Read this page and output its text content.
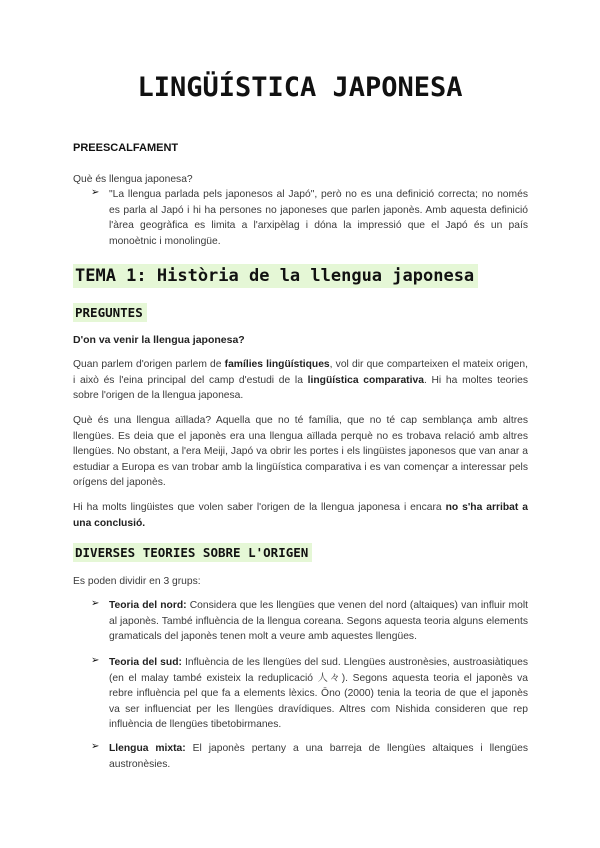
LINGÜÍSTICA JAPONESA
PREESCALFAMENT
Què és llengua japonesa?
➢ "La llengua parlada pels japonesos al Japó", però no es una definició correcta; no només es parla al Japó i hi ha persones no japoneses que parlen japonès. Amb aquesta definició l'àrea geogràfica es limita a l'arxipèlag i dóna la impressió que el Japó és un país monoètnic i monolingüe.
TEMA 1: Història de la llengua japonesa
PREGUNTES
D'on va venir la llengua japonesa?
Quan parlem d'origen parlem de famílies lingüístiques, vol dir que comparteixen el mateix origen, i això és l'eina principal del camp d'estudi de la lingüística comparativa. Hi ha moltes teories sobre l'origen de la llengua japonesa.
Què és una llengua aïllada? Aquella que no té família, que no té cap semblança amb altres llengües. Es deia que el japonès era una llengua aïllada perquè no es trobava relació amb altres llengües. No obstant, a l'era Meiji, Japó va obrir les portes i els lingüistes japonesos que van anar a estudiar a Europa es van trobar amb la lingüística comparativa i es van començar a interessar pels orígens del japonès.
Hi ha molts lingüistes que volen saber l'origen de la llengua japonesa i encara no s'ha arribat a una conclusió.
DIVERSES TEORIES SOBRE L'ORIGEN
Es poden dividir en 3 grups:
➢ Teoria del nord: Considera que les llengües que venen del nord (altaiques) van influir molt al japonès. També influència de la llengua coreana. Segons aquesta teoria alguns elements gramaticals del japonès tenen molt a veure amb aquestes llengües.
➢ Teoria del sud: Influència de les llengües del sud. Llengües austronèsies, austroasiàtiques (en el malay també existeix la reduplicació 人々). Segons aquesta teoria el japonès va rebre influència pel que fa a elements lèxics. Ōno (2000) tenia la teoria de que el japonès va ser influenciat per les llengües dravídiques. Altres com Nishida consideren que rep influència de llengües tibetobirmanes.
➢ Llengua mixta: El japonès pertany a una barreja de llengües altaiques i llengües austronèsies.
